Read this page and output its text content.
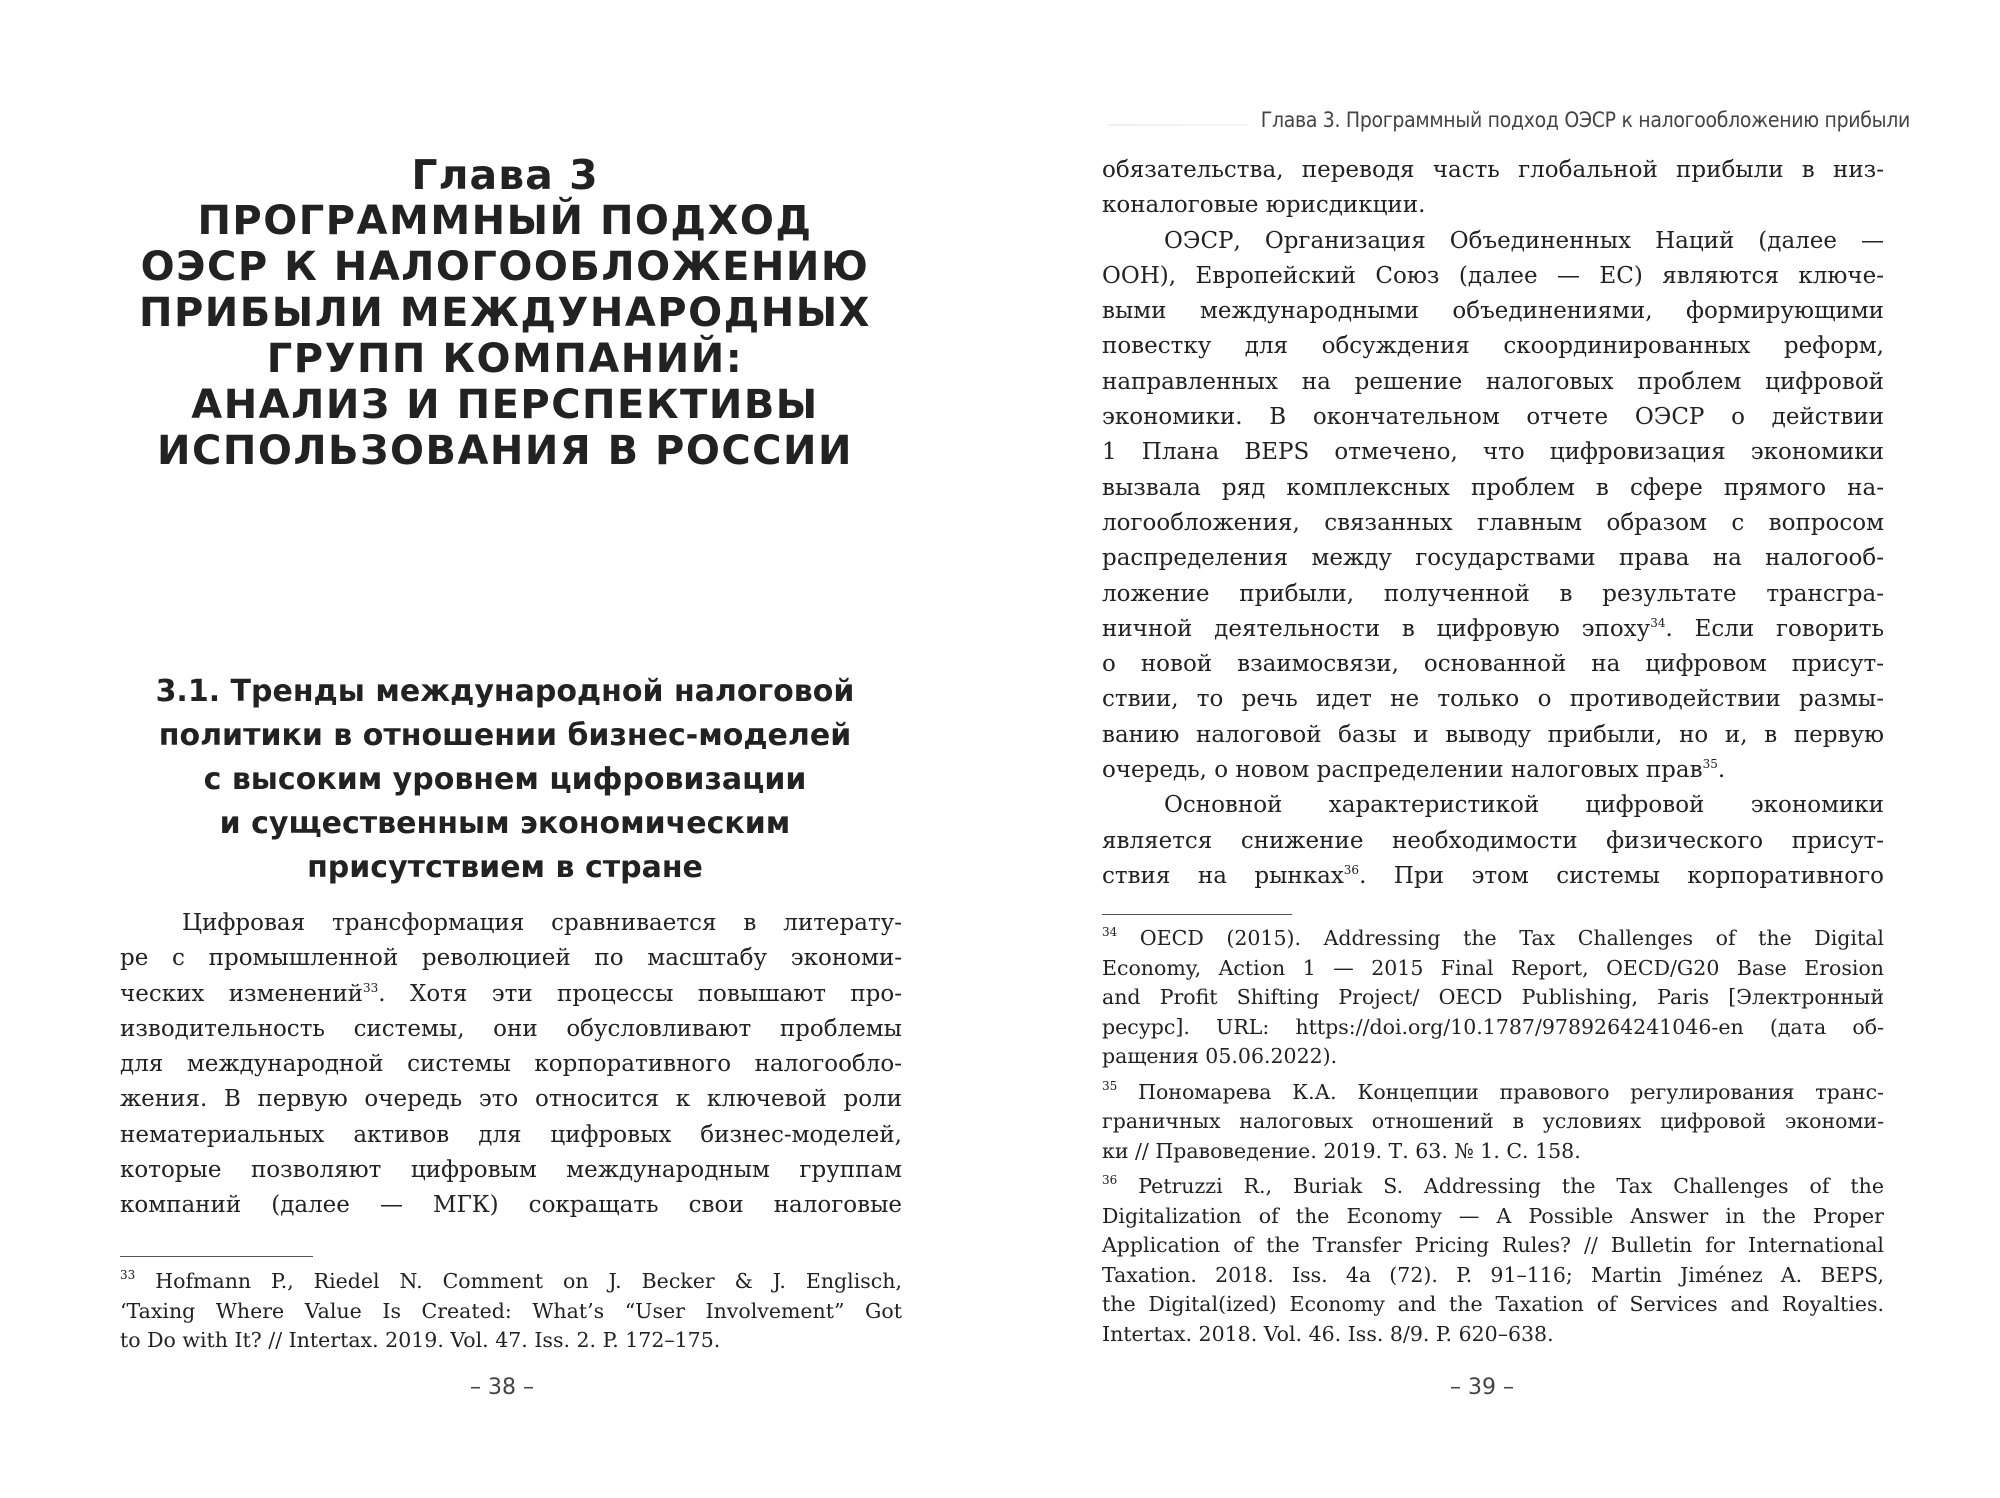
Глава 3
ПРОГРАММНЫЙ ПОДХОД
ОЭСР К НАЛОГООБЛОЖЕНИЮ
ПРИБЫЛИ МЕЖДУНАРОДНЫХ
ГРУПП КОМПАНИЙ:
АНАЛИЗ И ПЕРСПЕКТИВЫ
ИСПОЛЬЗОВАНИЯ В РОССИИ
3.1. Тренды международной налоговой
политики в отношении бизнес-моделей
с высоким уровнем цифровизации
и существенным экономическим
присутствием в стране
Цифровая трансформация сравнивается в литерату-
ре с промышленной революцией по масштабу экономи-
ческих изменений$^{33}$. Хотя эти процессы повышают про-
изводительность системы, они обусловливают проблемы
для международной системы корпоративного налогообло-
жения. В первую очередь это относится к ключевой роли
нематериальных активов для цифровых бизнес-моделей,
которые позволяют цифровым международным группам
компаний (далее — МГК) сокращать свои налоговые
$^{33}$ Hofmann P., Riedel N. Comment on J. Becker & J. Englisch,
‘Taxing Where Value Is Created: What’s “User Involvement” Got
to Do with It? // Intertax. 2019. Vol. 47. Iss. 2. P. 172–175.
– 38 –
Глава 3. Программный подход ОЭСР к налогообложению прибыли
обязательства, переводя часть глобальной прибыли в низ-
коналоговые юрисдикции.
ОЭСР, Организация Объединенных Наций (далее —
ООН), Европейский Союз (далее — ЕС) являются ключе-
выми международными объединениями, формирующими
повестку для обсуждения скоординированных реформ,
направленных на решение налоговых проблем цифровой
экономики. В окончательном отчете ОЭСР о действии
1 Плана BEPS отмечено, что цифровизация экономики
вызвала ряд комплексных проблем в сфере прямого на-
логообложения, связанных главным образом с вопросом
распределения между государствами права на налогооб-
ложение прибыли, полученной в результате трансгра-
ничной деятельности в цифровую эпоху$^{34}$. Если говорить
о новой взаимосвязи, основанной на цифровом присут-
ствии, то речь идет не только о противодействии размы-
ванию налоговой базы и выводу прибыли, но и, в первую
очередь, о новом распределении налоговых прав$^{35}$.
Основной характеристикой цифровой экономики
является снижение необходимости физического присут-
ствия на рынках$^{36}$. При этом системы корпоративного
$^{34}$ OECD (2015). Addressing the Tax Challenges of the Digital
Economy, Action 1 — 2015 Final Report, OECD/G20 Base Erosion
and Profit Shifting Project/ OECD Publishing, Paris [Электронный
ресурс]. URL: https://doi.org/10.1787/9789264241046-en (дата об-
ращения 05.06.2022).
$^{35}$ Пономарева К.А. Концепции правового регулирования транс-
граничных налоговых отношений в условиях цифровой экономи-
ки // Правоведение. 2019. Т. 63. № 1. С. 158.
$^{36}$ Petruzzi R., Buriak S. Addressing the Tax Challenges of the
Digitalization of the Economy — A Possible Answer in the Proper
Application of the Transfer Pricing Rules? // Bulletin for International
Taxation. 2018. Iss. 4a (72). P. 91–116; Martin Jiménez A. BEPS,
the Digital(ized) Economy and the Taxation of Services and Royalties.
Intertax. 2018. Vol. 46. Iss. 8/9. P. 620–638.
– 39 –
